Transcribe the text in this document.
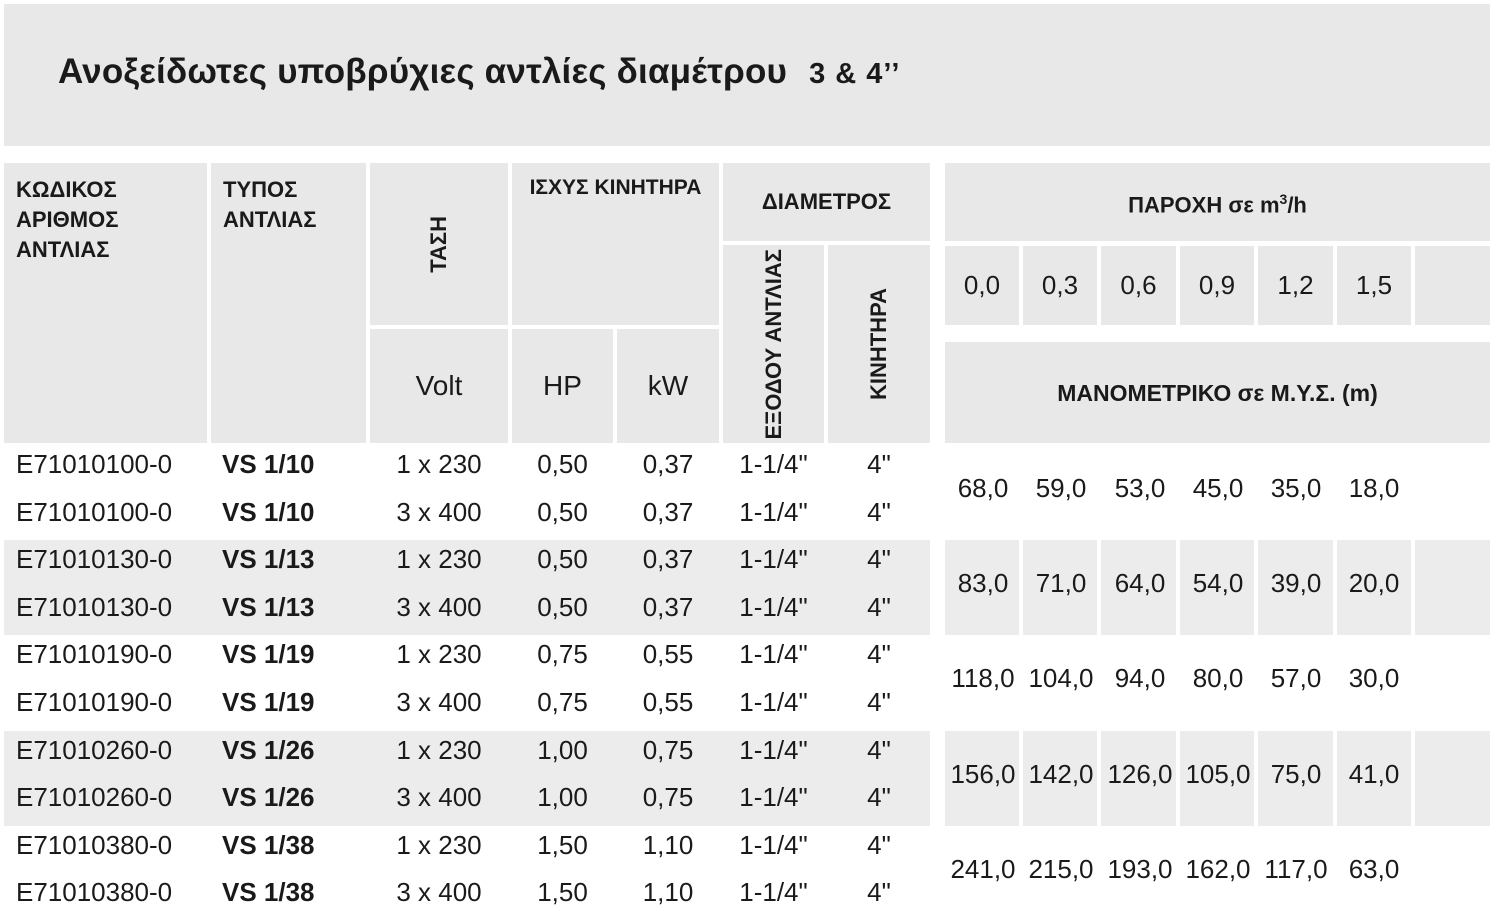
Ανοξείδωτες υποβρύχιες αντλίες διαμέτρου 3 & 4’’
ΚΩΔΙΚΟΣ
ΑΡΙΘΜΟΣ
ΑΝΤΛΙΑΣ
ΤΥΠΟΣ
ΑΝΤΛΙΑΣ	ΤΑΣΗ
Volt
ΙΣΧΥΣ ΚΙΝΗΤΗΡΑ
HP kW
ΔΙΑΜΕΤΡΟΣ
ΕΞΟΔΟΥ ΑΝΤΛΙΑΣ	ΚΙΝΗΤΗΡΑ
ΠΑΡΟΧΗ σε $m^3/h$
0,0 0,3 0,6 0,9 1,2 1,5
ΜΑΝΟΜΕΤΡΙΚΟ σε Μ.Υ.Σ. (m)
E71010100-0	VS 1/10	1 x 230	0,50	0,37	1-1/4"	4"
E71010100-0	VS 1/10	3 x 400	0,50	0,37	1-1/4"	4"
E71010130-0	VS 1/13	1 x 230	0,50	0,37	1-1/4"	4"
E71010130-0	VS 1/13	3 x 400	0,50	0,37	1-1/4"	4"
E71010190-0	VS 1/19	1 x 230	0,75	0,55	1-1/4"	4"
E71010190-0	VS 1/19	3 x 400	0,75	0,55	1-1/4"	4"
E71010260-0	VS 1/26	1 x 230	1,00	0,75	1-1/4"	4"
E71010260-0	VS 1/26	3 x 400	1,00	0,75	1-1/4"	4"
E71010380-0	VS 1/38	1 x 230	1,50	1,10	1-1/4"	4"
E71010380-0	VS 1/38	3 x 400	1,50	1,10	1-1/4"	4"
68,0	59,0	53,0	45,0	35,0	18,0
83,0	71,0	64,0	54,0	39,0	20,0
118,0 104,0 94,0	80,0	57,0	30,0
156,0 142,0 126,0 105,0 75,0	41,0
241,0 215,0 193,0 162,0 117,0 63,0
